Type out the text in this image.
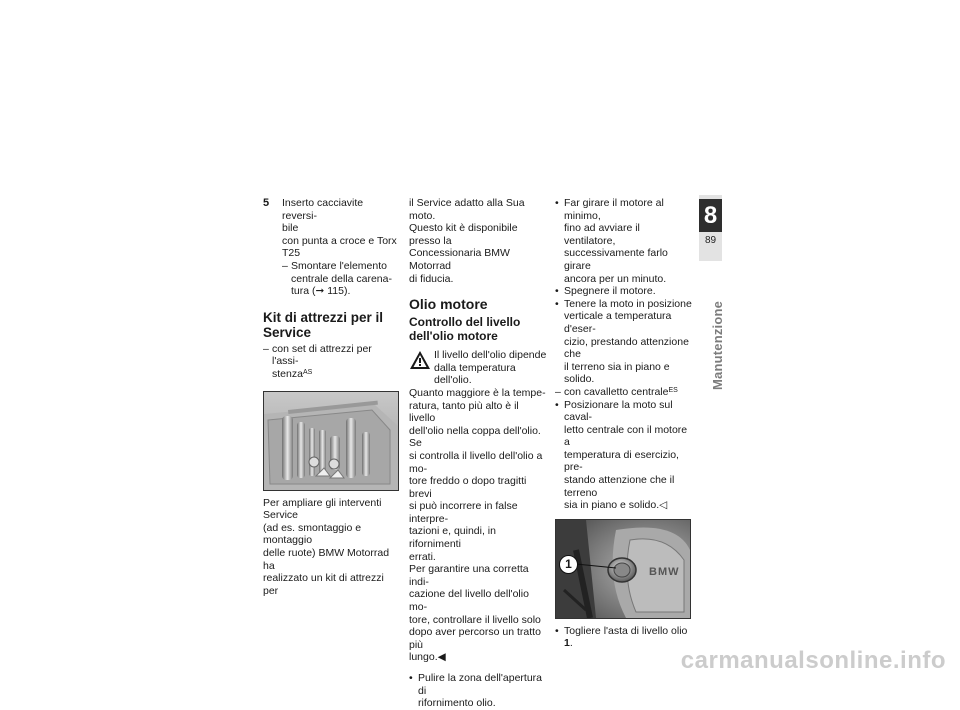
5 Inserto cacciavite reversi-

bile

con punta a croce e Torx

T25

– Smontare l'elemento

centrale della carena-

tura (➞ 115).

Kit di attrezzi per il
Service

– con set di attrezzi per l'assi-

stenza$^{AS}$

Per ampliare gli interventi Service

(ad es. smontaggio e montaggio

delle ruote) BMW Motorrad ha

realizzato un kit di attrezzi per

il Service adatto alla Sua moto.

Questo kit è disponibile presso la

Concessionaria BMW Motorrad

di fiducia.

Olio motore
Controllo del livello
dell'olio motore

Il livello dell'olio dipende

dalla temperatura dell'olio.

Quanto maggiore è la tempe-

ratura, tanto più alto è il livello

dell'olio nella coppa dell'olio. Se

si controlla il livello dell'olio a mo-

tore freddo o dopo tragitti brevi

si può incorrere in false interpre-

tazioni e, quindi, in rifornimenti

errati.

Per garantire una corretta indi-

cazione del livello dell'olio mo-

tore, controllare il livello solo

dopo aver percorso un tratto più

lungo.◀

• Pulire la zona dell'apertura di

rifornimento olio.

• Far girare il motore al minimo,

fino ad avviare il ventilatore,

successivamente farlo girare

ancora per un minuto.

• Spegnere il motore.

• Tenere la moto in posizione

verticale a temperatura d'eser-

cizio, prestando attenzione che

il terreno sia in piano e solido.

– con cavalletto centrale$^{ES}$

• Posizionare la moto sul caval-

letto centrale con il motore a

temperatura di esercizio, pre-

stando attenzione che il terreno

sia in piano e solido.◁

1
BMW

• Togliere l'asta di livello olio 1.

8
89
Manutenzione
carmanualsonline.info
